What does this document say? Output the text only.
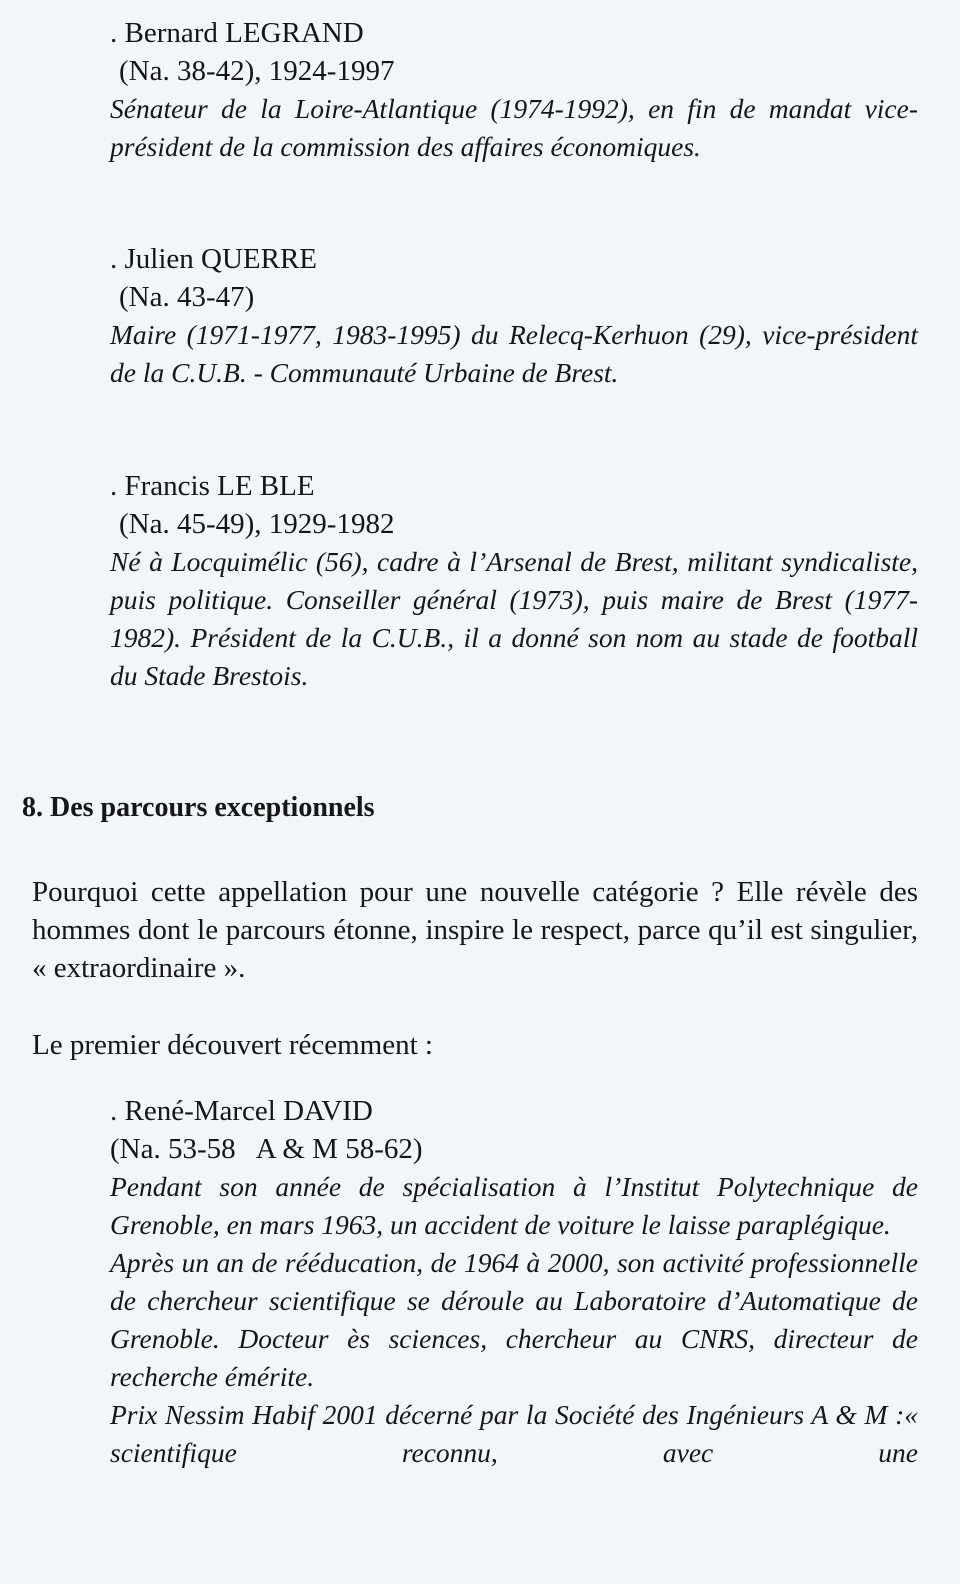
. Bernard LEGRAND
(Na. 38-42), 1924-1997

Sénateur de la Loire-Atlantique (1974-1992), en fin de mandat vice-président de la commission des affaires économiques.

. Julien QUERRE
(Na. 43-47)

Maire (1971-1977, 1983-1995) du Relecq-Kerhuon (29), vice-président de la C.U.B. - Communauté Urbaine de Brest.

. Francis LE BLE
(Na. 45-49), 1929-1982

Né à Locquimélic (56), cadre à l’Arsenal de Brest, militant syndicaliste, puis politique. Conseiller général (1973), puis maire de Brest (1977-1982). Président de la C.U.B., il a donné son nom au stade de football du Stade Brestois.

8. Des parcours exceptionnels

Pourquoi cette appellation pour une nouvelle catégorie ? Elle révèle des hommes dont le parcours étonne, inspire le respect, parce qu’il est singulier, « extraordinaire ».

Le premier découvert récemment :

. René-Marcel DAVID
(Na. 53-58   A & M 58-62)

Pendant son année de spécialisation à l’Institut Polytechnique de Grenoble, en mars 1963, un accident de voiture le laisse paraplégique.

Après un an de rééducation, de 1964 à 2000, son activité professionnelle de chercheur scientifique se déroule au Laboratoire d’Automatique de Grenoble. Docteur ès sciences, chercheur au CNRS, directeur de recherche émérite.

Prix Nessim Habif 2001 décerné par la Société des Ingénieurs A & M :« scientifique reconnu, avec une
